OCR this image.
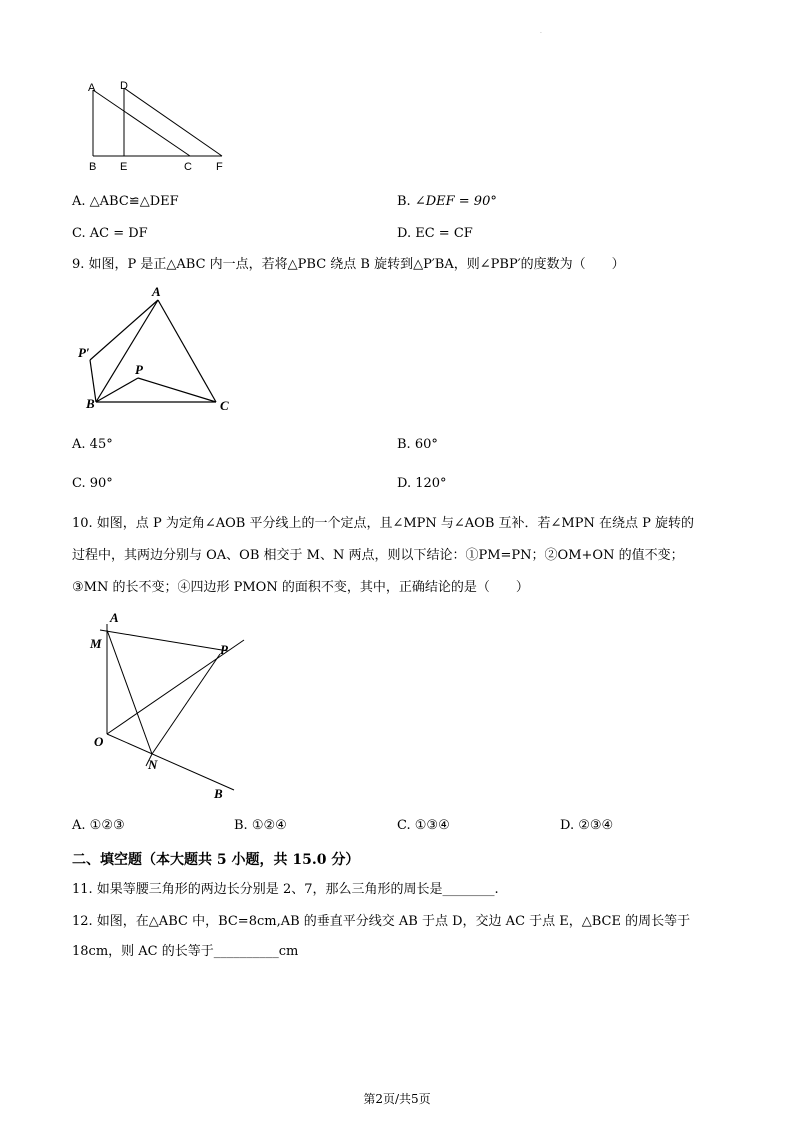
·
A D
B E	C F
A. △ABC≌△DEF	B. ∠DEF = 90°
C. AC = DF	D. EC = CF
9. 如图，P 是正△ABC 内一点，若将△PBC 绕点 B 旋转到△P′BA，则∠PBP′的度数为（　　）
A
P′
P
B	C
A. 45°	B. 60°
C. 90°	D. 120°
10. 如图，点 P 为定角∠AOB 平分线上的一个定点，且∠MPN 与∠AOB 互补．若∠MPN 在绕点 P 旋转的
过程中，其两边分别与 OA、OB 相交于 M、N 两点，则以下结论：①PM=PN；②OM+ON 的值不变；
③MN 的长不变；④四边形 PMON 的面积不变，其中，正确结论的是（　　）
A
M	P
O
N
B
A. ①②③	B. ①②④	C. ①③④	D. ②③④
二、填空题（本大题共 5 小题，共 15.0 分）
11. 如果等腰三角形的两边长分别是 2、7，那么三角形的周长是________.
12. 如图，在△ABC 中，BC=8cm,AB 的垂直平分线交 AB 于点 D，交边 AC 于点 E，△BCE 的周长等于
18cm，则 AC 的长等于__________cm
第2页/共5页
